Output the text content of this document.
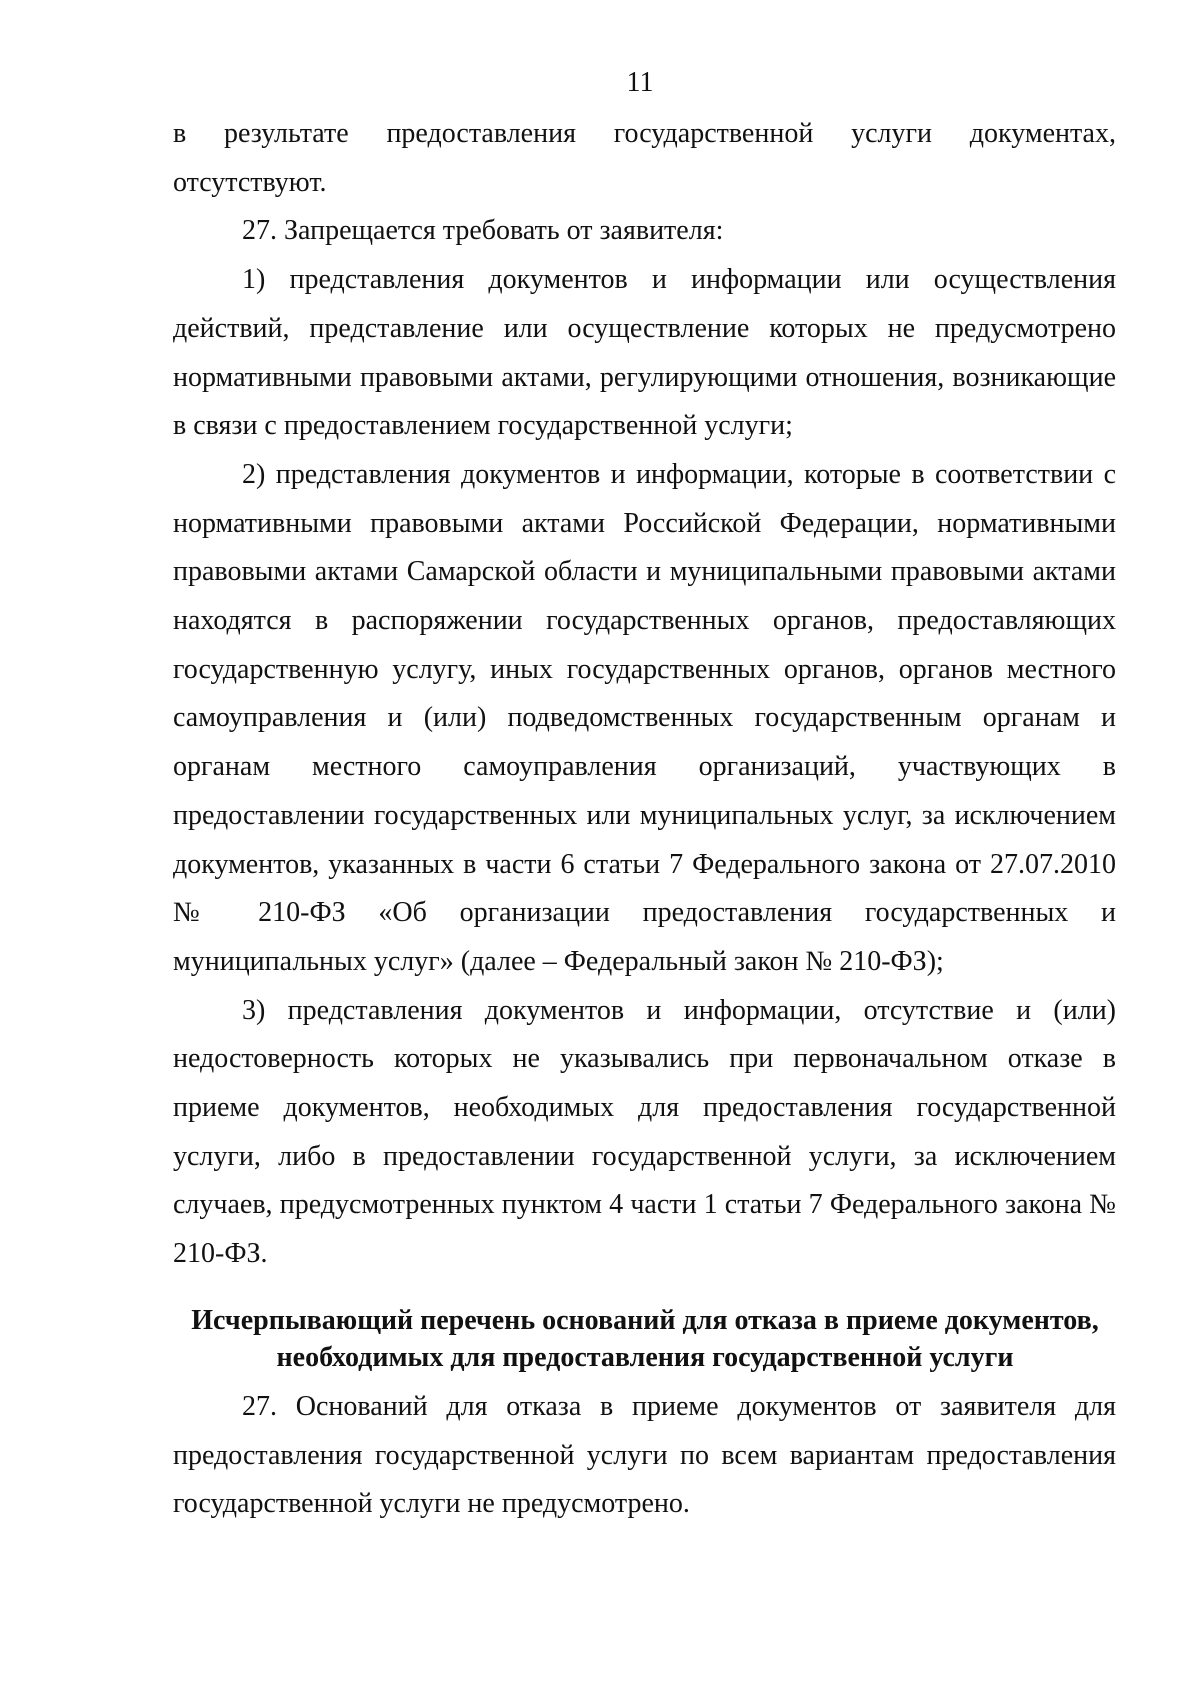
11

в результате предоставления государственной услуги документах, отсутствуют.

27. Запрещается требовать от заявителя:

1) представления документов и информации или осуществления действий, представление или осуществление которых не предусмотрено нормативными правовыми актами, регулирующими отношения, возникающие в связи с предоставлением государственной услуги;

2) представления документов и информации, которые в соответствии с нормативными правовыми актами Российской Федерации, нормативными правовыми актами Самарской области и муниципальными правовыми актами находятся в распоряжении государственных органов, предоставляющих государственную услугу, иных государственных органов, органов местного самоуправления и (или) подведомственных государственным органам и органам местного самоуправления организаций, участвующих в предоставлении государственных или муниципальных услуг, за исключением документов, указанных в части 6 статьи 7 Федерального закона от 27.07.2010 № 210-ФЗ «Об организации предоставления государственных и муниципальных услуг» (далее – Федеральный закон № 210-ФЗ);

3) представления документов и информации, отсутствие и (или) недостоверность которых не указывались при первоначальном отказе в приеме документов, необходимых для предоставления государственной услуги, либо в предоставлении государственной услуги, за исключением случаев, предусмотренных пунктом 4 части 1 статьи 7 Федерального закона № 210-ФЗ.

Исчерпывающий перечень оснований для отказа в приеме документов, необходимых для предоставления государственной услуги

27. Оснований для отказа в приеме документов от заявителя для предоставления государственной услуги по всем вариантам предоставления государственной услуги не предусмотрено.
